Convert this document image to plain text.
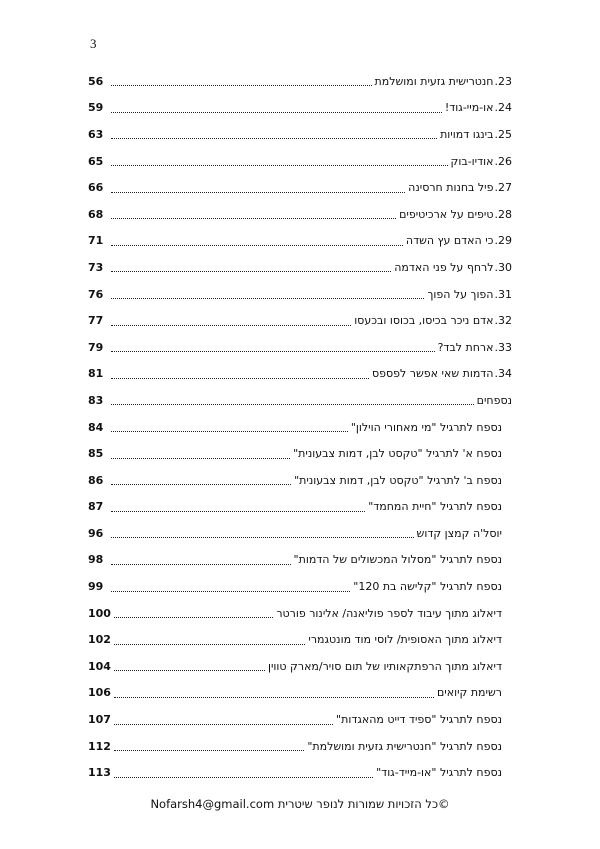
3
23.
חנטרישית גזעית ומושלמת
56
24.
או-מיי-גוד!
59
25.
בינגו דמויות
63
26.
אודיו-בוק
65
27.
פיל בחנות חרסינה
66
28.
טיפים על ארכיטיפים
68
29.
כי האדם עץ השדה
71
30.
לרחף על פני האדמה
73
31.
הפוך על הפוך
76
32.
אדם ניכר בכיסו, בכוסו ובכעסו
77
33.
ארחת לבד?
79
34.
הדמות שאי אפשר לפספס
81
נספחים
83
נספח לתרגיל "מי מאחורי הוילון"
84
נספח א' לתרגיל "טקסט לבן, דמות צבעונית"
85
נספח ב' לתרגיל "טקסט לבן, דמות צבעונית"
86
נספח לתרגיל "חיית המחמד"
87
יוסל'ה קמצן קדוש
96
נספח לתרגיל "מסלול המכשולים של הדמות"
98
נספח לתרגיל "קלישה בת 120"
99
דיאלוג מתוך עיבוד לספר פוליאנה/ אלינור פורטר
100
דיאלוג מתוך האסופית/ לוסי מוד מונטגמרי
102
דיאלוג מתוך הרפתקאותיו של תום סויר/מארק טווין
104
רשימת קיואים
106
נספח לתרגיל "ספיד דייט מהאגדות"
107
נספח לתרגיל "חנטרישית גזעית ומושלמת"
112
נספח לתרגיל "או-מייד-גוד"
113
Nofarsh4@gmail.com ©כל הזכויות שמורות לנופר שיטרית
